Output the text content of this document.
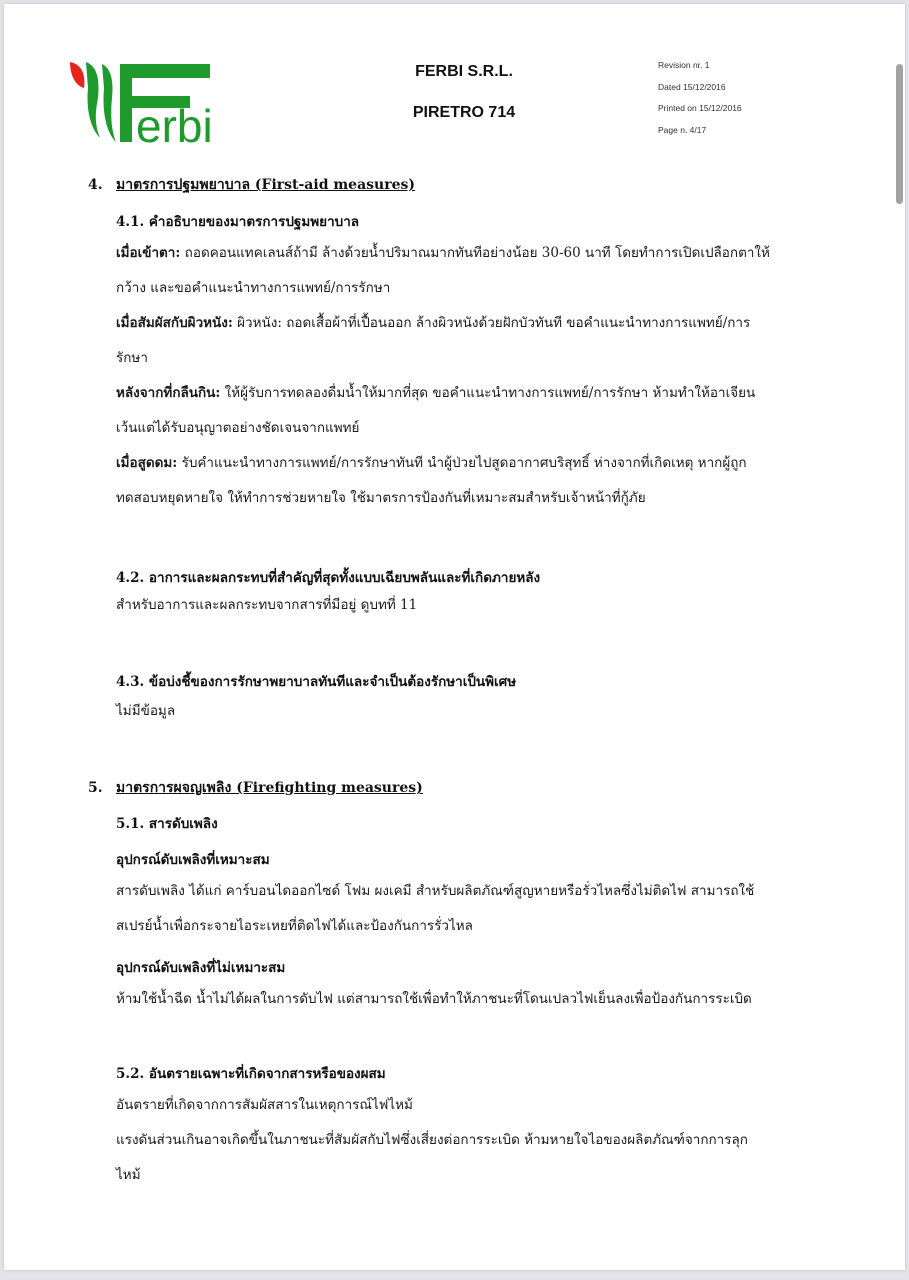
erbi
FERBI S.R.L.
PIRETRO 714
Revision nr. 1
Dated 15/12/2016
Printed on 15/12/2016
Page n. 4/17
4. มาตรการปฐมพยาบาล (First-aid measures)
4.1. คำอธิบายของมาตรการปฐมพยาบาล
เมื่อเข้าตา: ถอดคอนแทคเลนส์ถ้ามี ล้างด้วยน้ำปริมาณมากทันทีอย่างน้อย 30-60 นาที โดยทำการเปิดเปลือกตาให้
กว้าง และขอคำแนะนำทางการแพทย์/การรักษา
เมื่อสัมผัสกับผิวหนัง: ผิวหนัง: ถอดเสื้อผ้าที่เปื้อนออก ล้างผิวหนังด้วยฝักบัวทันที ขอคำแนะนำทางการแพทย์/การ
รักษา
หลังจากที่กลืนกิน: ให้ผู้รับการทดลองดื่มน้ำให้มากที่สุด ขอคำแนะนำทางการแพทย์/การรักษา ห้ามทำให้อาเจียน
เว้นแต่ได้รับอนุญาตอย่างชัดเจนจากแพทย์
เมื่อสูดดม: รับคำแนะนำทางการแพทย์/การรักษาทันที นำผู้ป่วยไปสูดอากาศบริสุทธิ์ ห่างจากที่เกิดเหตุ หากผู้ถูก
ทดสอบหยุดหายใจ ให้ทำการช่วยหายใจ ใช้มาตรการป้องกันที่เหมาะสมสำหรับเจ้าหน้าที่กู้ภัย
4.2. อาการและผลกระทบที่สำคัญที่สุดทั้งแบบเฉียบพลันและที่เกิดภายหลัง
สำหรับอาการและผลกระทบจากสารที่มีอยู่ ดูบทที่ 11
4.3. ข้อบ่งชี้ของการรักษาพยาบาลทันทีและจำเป็นต้องรักษาเป็นพิเศษ
ไม่มีข้อมูล
5. มาตรการผจญเพลิง (Firefighting measures)
5.1. สารดับเพลิง
อุปกรณ์ดับเพลิงที่เหมาะสม
สารดับเพลิง ได้แก่ คาร์บอนไดออกไซด์ โฟม ผงเคมี สำหรับผลิตภัณฑ์สูญหายหรือรั่วไหลซึ่งไม่ติดไฟ สามารถใช้
สเปรย์น้ำเพื่อกระจายไอระเหยที่ติดไฟได้และป้องกันการรั่วไหล
อุปกรณ์ดับเพลิงที่ไม่เหมาะสม
ห้ามใช้น้ำฉีด น้ำไม่ได้ผลในการดับไฟ แต่สามารถใช้เพื่อทำให้ภาชนะที่โดนเปลวไฟเย็นลงเพื่อป้องกันการระเบิด
5.2. อันตรายเฉพาะที่เกิดจากสารหรือของผสม
อันตรายที่เกิดจากการสัมผัสสารในเหตุการณ์ไฟไหม้
แรงดันส่วนเกินอาจเกิดขึ้นในภาชนะที่สัมผัสกับไฟซึ่งเสี่ยงต่อการระเบิด ห้ามหายใจไอของผลิตภัณฑ์จากการลุก
ไหม้
